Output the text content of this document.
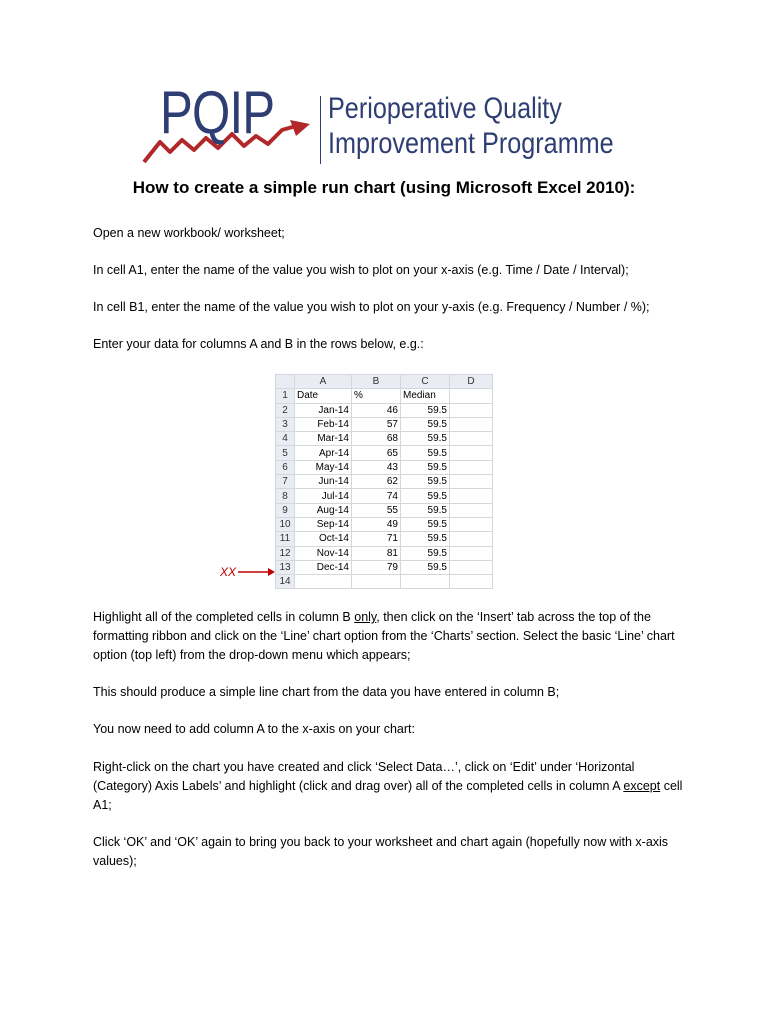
PQIP Perioperative Quality
Improvement Programme
How to create a simple run chart (using Microsoft Excel 2010):

Open a new workbook/ worksheet;

In cell A1, enter the name of the value you wish to plot on your x-axis (e.g. Time / Date / Interval);

In cell B1, enter the name of the value you wish to plot on your y-axis (e.g. Frequency / Number / %);

Enter your data for columns A and B in the rows below, e.g.:

	A	B	C	D
1	Date	%	Median	
2	Jan-14	46	59.5	
3	Feb-14	57	59.5	
4	Mar-14	68	59.5	
5	Apr-14	65	59.5	
6	May-14	43	59.5	
7	Jun-14	62	59.5	
8	Jul-14	74	59.5	
9	Aug-14	55	59.5	
10	Sep-14	49	59.5	
11	Oct-14	71	59.5	
12	Nov-14	81	59.5	
13	Dec-14	79	59.5	
14				
XX

Highlight all of the completed cells in column B only, then click on the ‘Insert’ tab across the top of the formatting ribbon and click on the ‘Line’ chart option from the ‘Charts’ section. Select the basic ‘Line’ chart option (top left) from the drop-down menu which appears;

This should produce a simple line chart from the data you have entered in column B;

You now need to add column A to the x-axis on your chart:

Right-click on the chart you have created and click ‘Select Data…’, click on ‘Edit’ under ‘Horizontal (Category) Axis Labels’ and highlight (click and drag over) all of the completed cells in column A except cell A1;

Click ‘OK’ and ‘OK’ again to bring you back to your worksheet and chart again (hopefully now with x-axis values);
